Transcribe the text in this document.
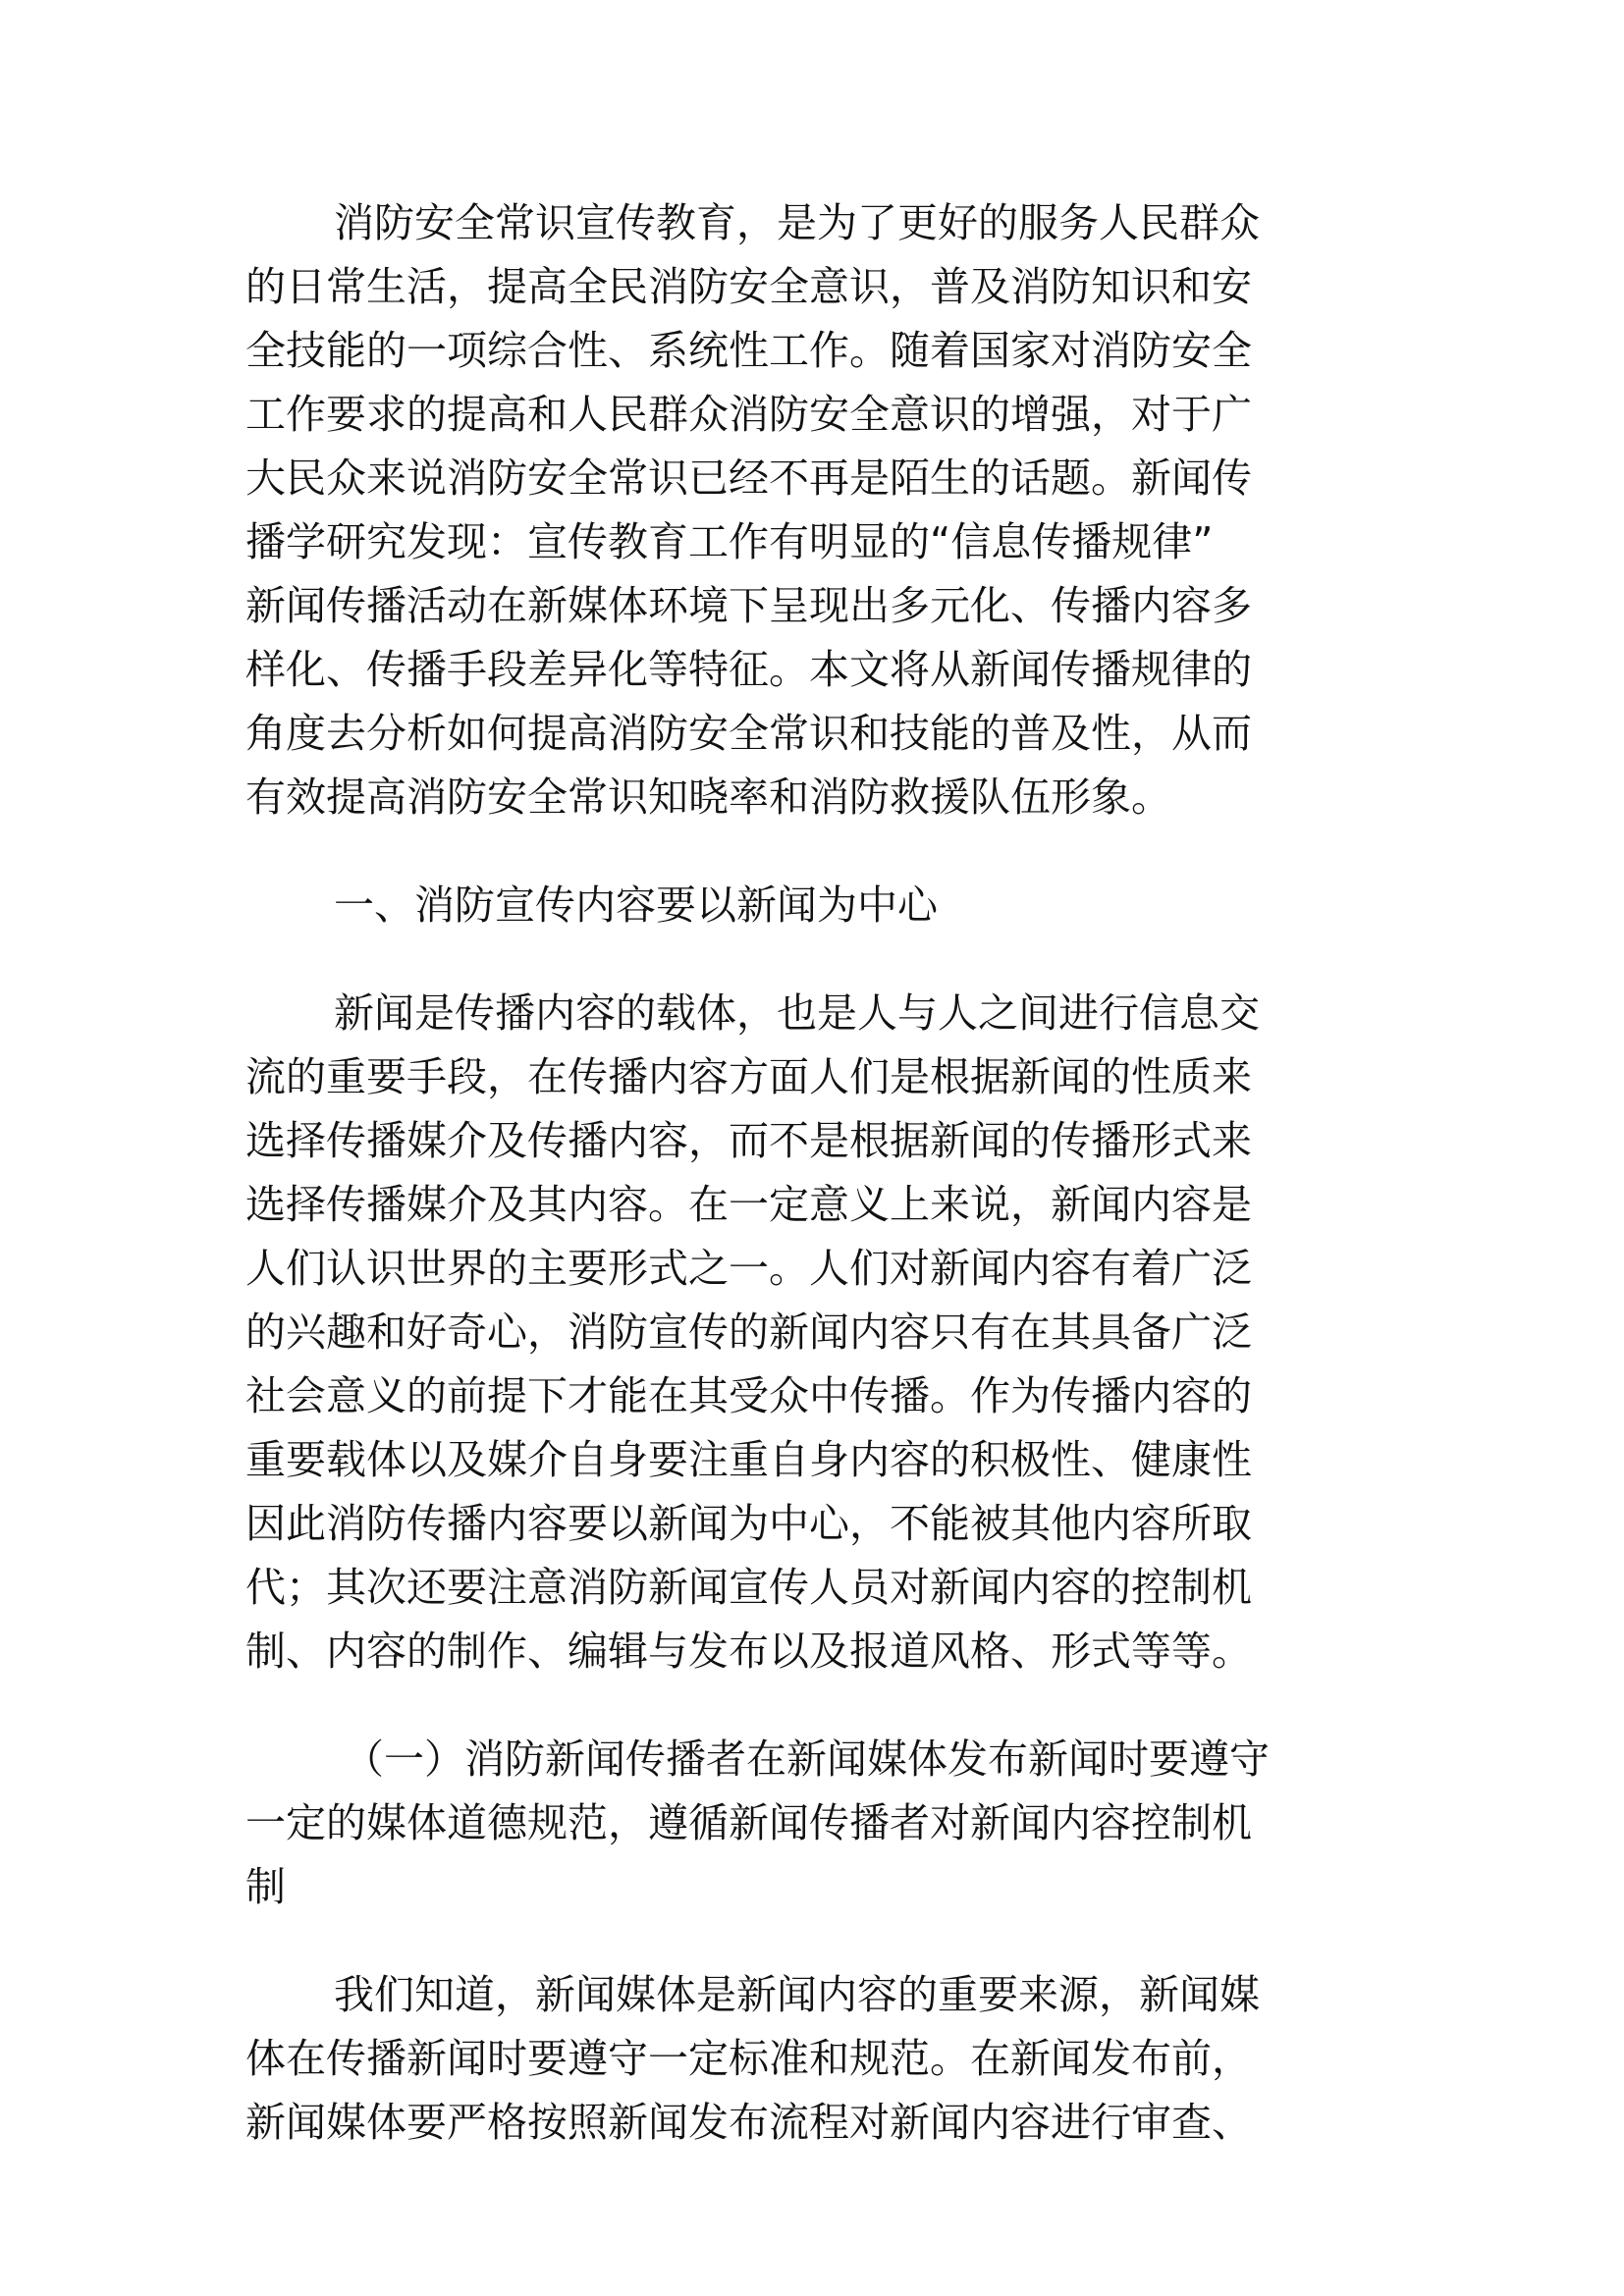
消防安全常识宣传教育，是为了更好的服务人民群众
的日常生活，提高全民消防安全意识，普及消防知识和安
全技能的一项综合性、系统性工作。随着国家对消防安全
工作要求的提高和人民群众消防安全意识的增强，对于广
大民众来说消防安全常识已经不再是陌生的话题。新闻传
播学研究发现：宣传教育工作有明显的“信息传播规律”
新闻传播活动在新媒体环境下呈现出多元化、传播内容多
样化、传播手段差异化等特征。本文将从新闻传播规律的
角度去分析如何提高消防安全常识和技能的普及性，从而
有效提高消防安全常识知晓率和消防救援队伍形象。
一、消防宣传内容要以新闻为中心
新闻是传播内容的载体，也是人与人之间进行信息交
流的重要手段，在传播内容方面人们是根据新闻的性质来
选择传播媒介及传播内容，而不是根据新闻的传播形式来
选择传播媒介及其内容。在一定意义上来说，新闻内容是
人们认识世界的主要形式之一。人们对新闻内容有着广泛
的兴趣和好奇心，消防宣传的新闻内容只有在其具备广泛
社会意义的前提下才能在其受众中传播。作为传播内容的
重要载体以及媒介自身要注重自身内容的积极性、健康性
因此消防传播内容要以新闻为中心，不能被其他内容所取
代；其次还要注意消防新闻宣传人员对新闻内容的控制机
制、内容的制作、编辑与发布以及报道风格、形式等等。
（一）消防新闻传播者在新闻媒体发布新闻时要遵守
一定的媒体道德规范，遵循新闻传播者对新闻内容控制机
制
我们知道，新闻媒体是新闻内容的重要来源，新闻媒
体在传播新闻时要遵守一定标准和规范。在新闻发布前，
新闻媒体要严格按照新闻发布流程对新闻内容进行审查、
